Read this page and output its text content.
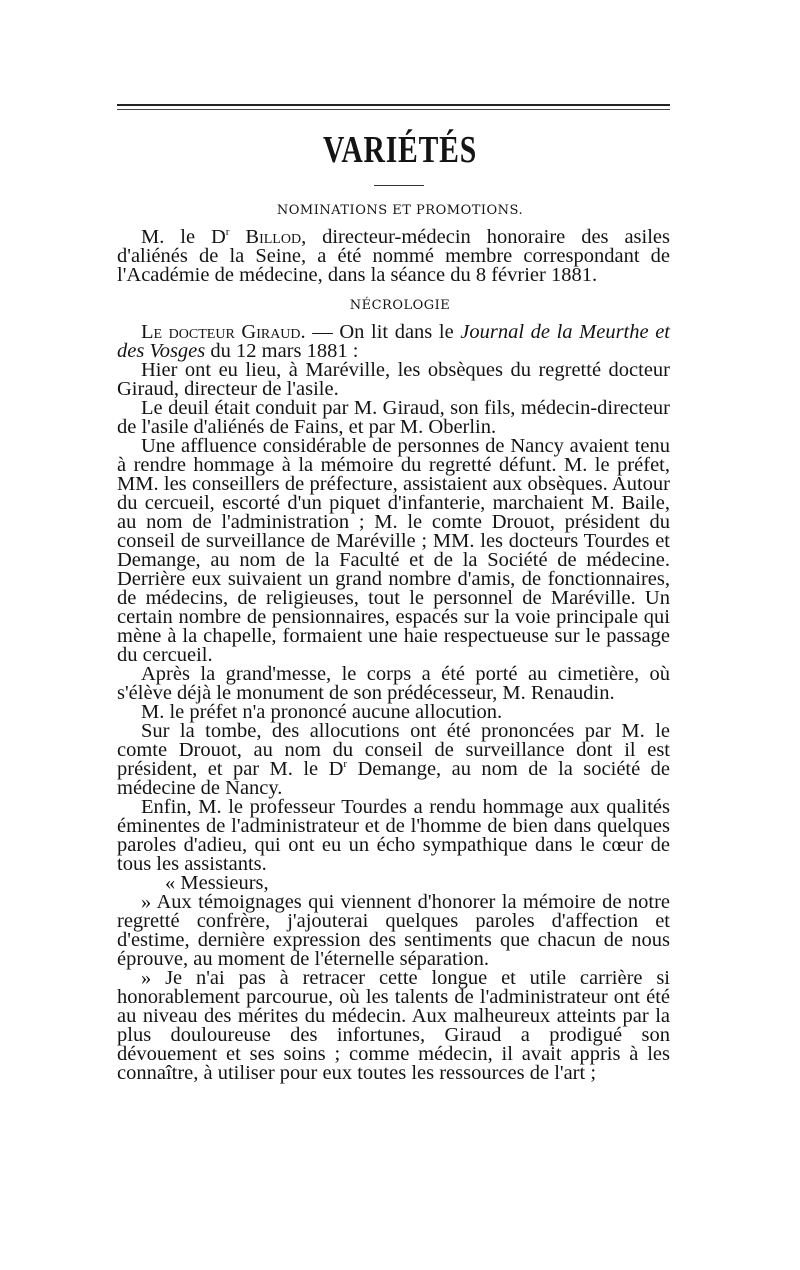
VARIÉTÉS
NOMINATIONS ET PROMOTIONS.

M. le $D^r$ Billod, directeur-médecin honoraire des asiles d'aliénés de la Seine, a été nommé membre correspondant de l'Académie de médecine, dans la séance du 8 février 1881.

NÉCROLOGIE

Le docteur Giraud. — On lit dans le Journal de la Meurthe et des Vosges du 12 mars 1881 :

Hier ont eu lieu, à Maréville, les obsèques du regretté docteur Giraud, directeur de l'asile.

Le deuil était conduit par M. Giraud, son fils, médecin-directeur de l'asile d'aliénés de Fains, et par M. Oberlin.

Une affluence considérable de personnes de Nancy avaient tenu à rendre hommage à la mémoire du regretté défunt. M. le préfet, MM. les conseillers de préfecture, assistaient aux obsèques. Autour du cercueil, escorté d'un piquet d'infanterie, marchaient M. Baile, au nom de l'administration ; M. le comte Drouot, président du conseil de surveillance de Maréville ; MM. les docteurs Tourdes et Demange, au nom de la Faculté et de la Société de médecine. Derrière eux suivaient un grand nombre d'amis, de fonctionnaires, de médecins, de religieuses, tout le personnel de Maréville. Un certain nombre de pensionnaires, espacés sur la voie principale qui mène à la chapelle, formaient une haie respectueuse sur le passage du cercueil.

Après la grand'messe, le corps a été porté au cimetière, où s'élève déjà le monument de son prédécesseur, M. Renaudin.

M. le préfet n'a prononcé aucune allocution.

Sur la tombe, des allocutions ont été prononcées par M. le comte Drouot, au nom du conseil de surveillance dont il est président, et par M. le $D^r$ Demange, au nom de la société de médecine de Nancy.

Enfin, M. le professeur Tourdes a rendu hommage aux qualités éminentes de l'administrateur et de l'homme de bien dans quelques paroles d'adieu, qui ont eu un écho sympathique dans le cœur de tous les assistants.

« Messieurs,

» Aux témoignages qui viennent d'honorer la mémoire de notre regretté confrère, j'ajouterai quelques paroles d'affection et d'estime, dernière expression des sentiments que chacun de nous éprouve, au moment de l'éternelle séparation.

» Je n'ai pas à retracer cette longue et utile carrière si honorablement parcourue, où les talents de l'administrateur ont été au niveau des mérites du médecin. Aux malheureux atteints par la plus douloureuse des infortunes, Giraud a prodigué son dévouement et ses soins ; comme médecin, il avait appris à les connaître, à utiliser pour eux toutes les ressources de l'art ;
